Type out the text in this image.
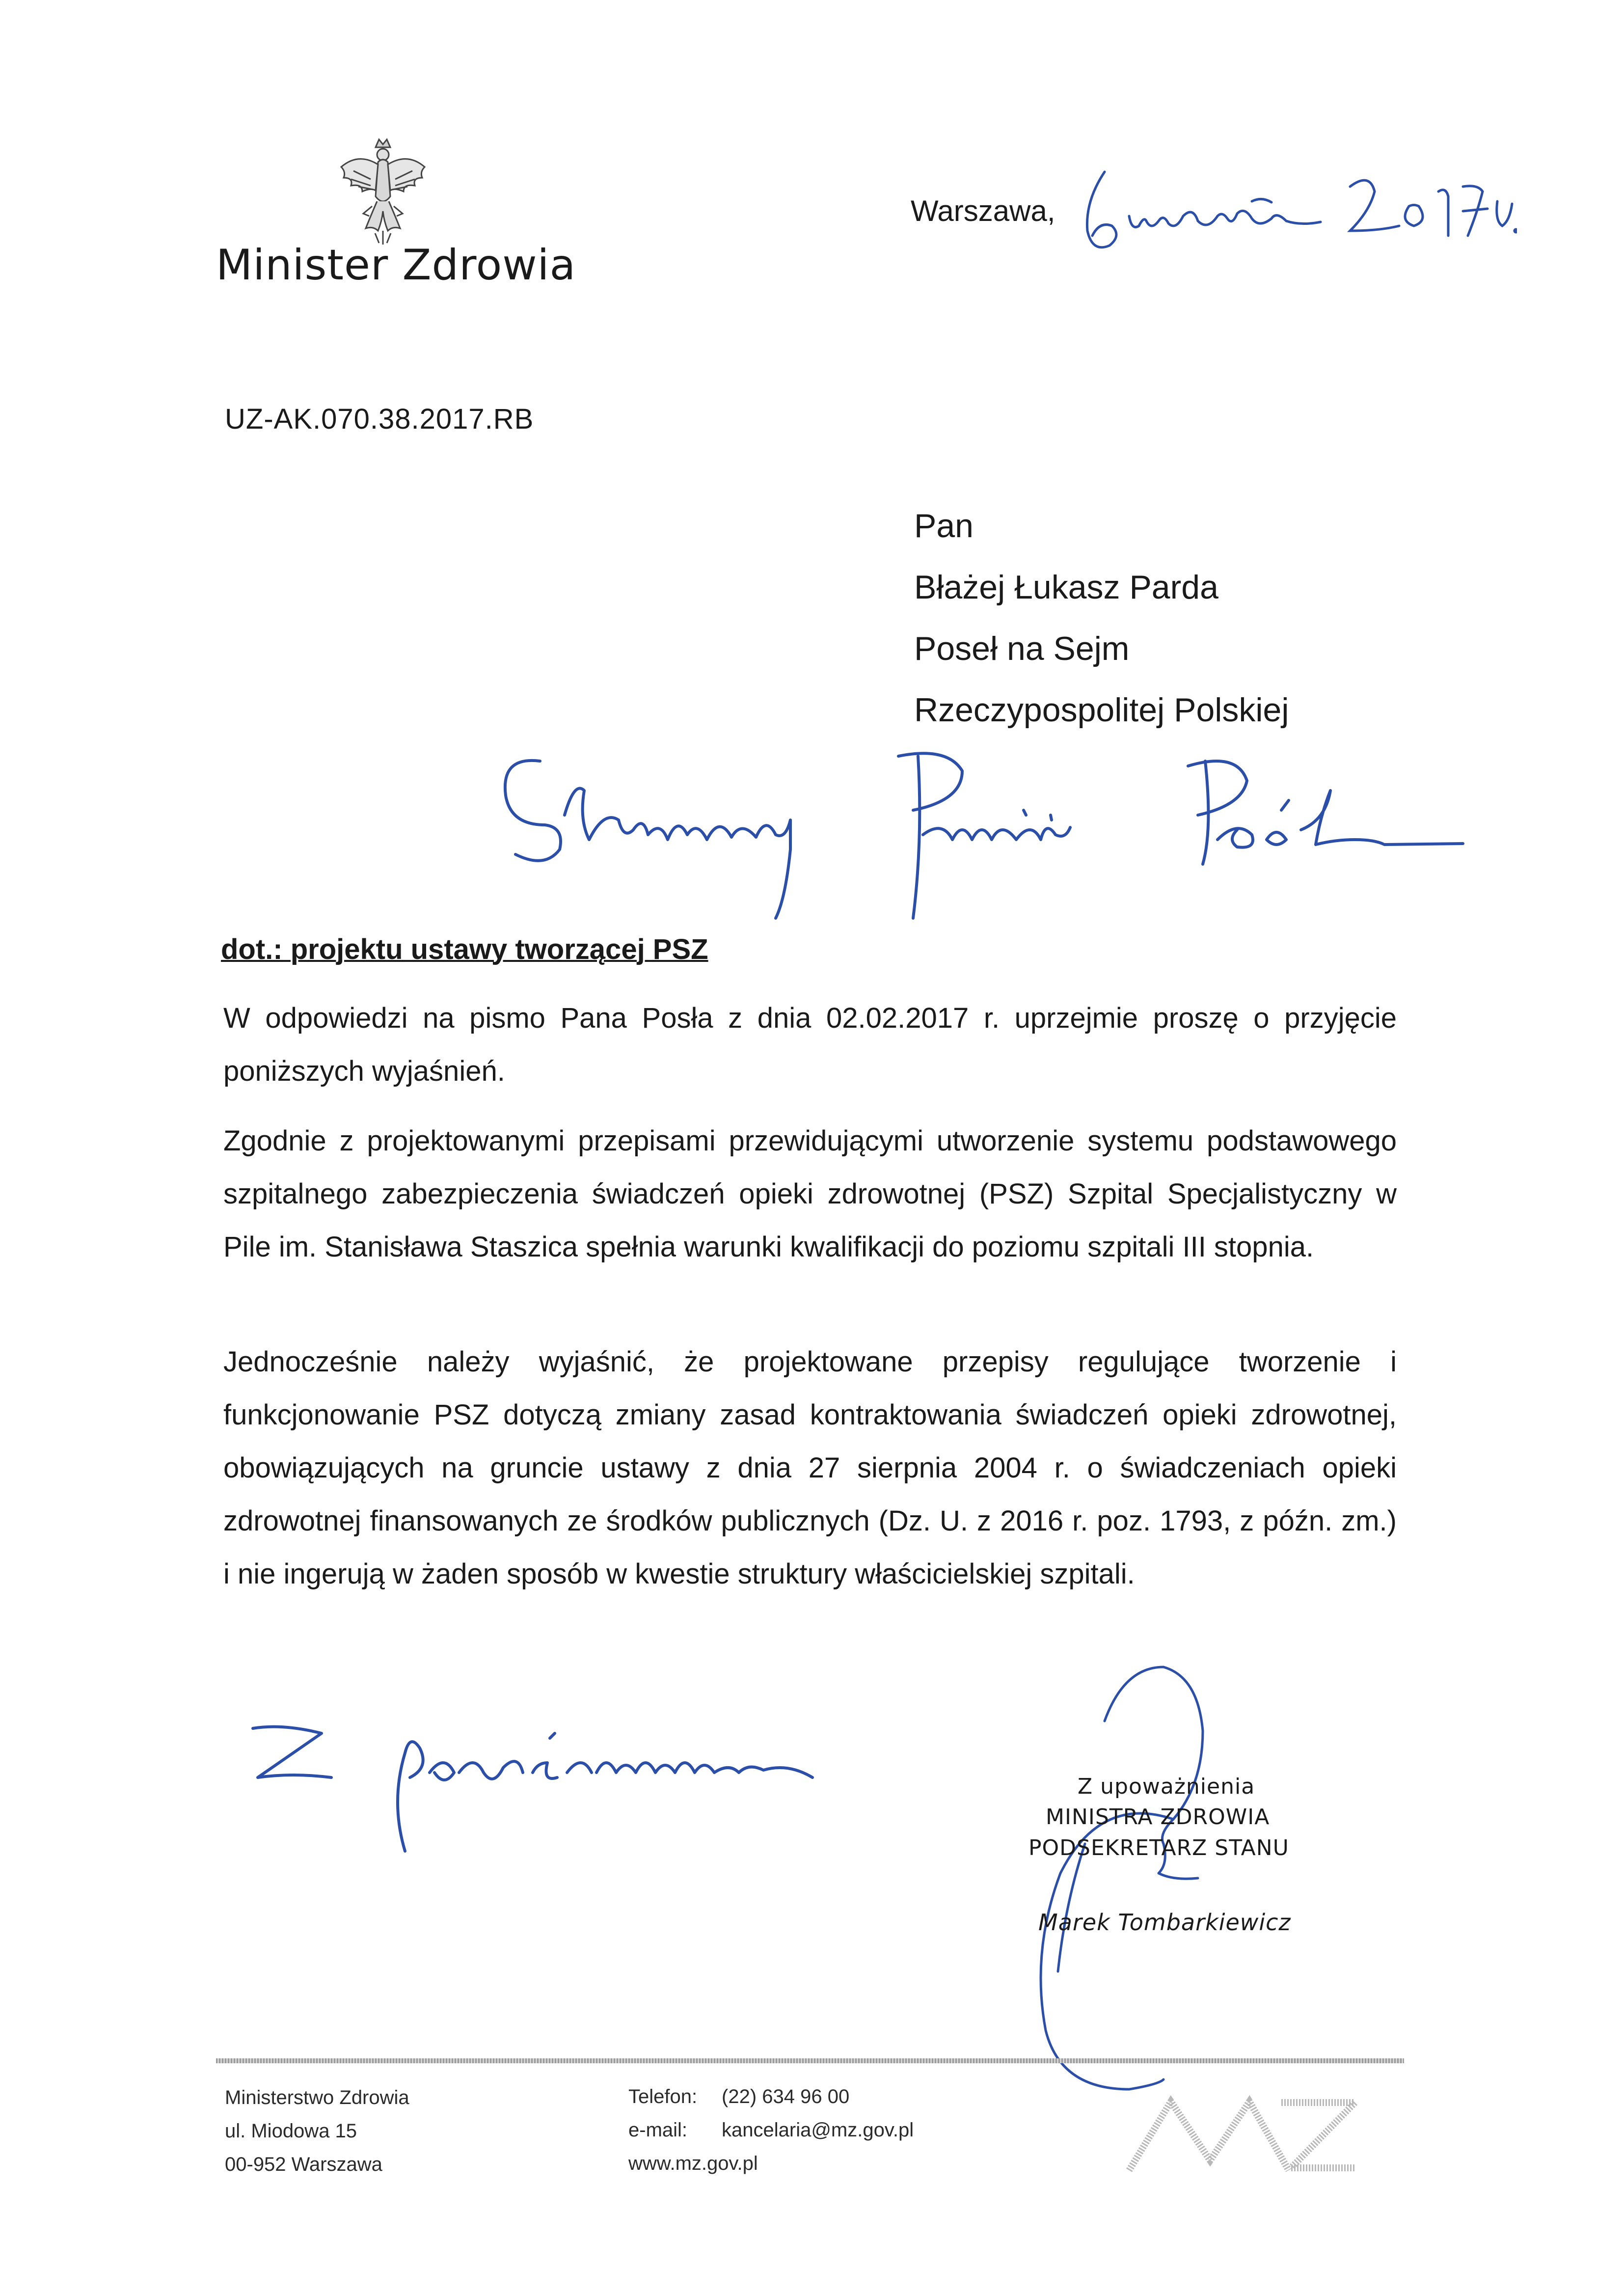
Minister Zdrowia
Warszawa,
UZ-AK.070.38.2017.RB
Pan
Błażej Łukasz Parda
Poseł na Sejm
Rzeczypospolitej Polskiej
dot.: projektu ustawy tworzącej PSZ

W odpowiedzi na pismo Pana Posła z dnia 02.02.2017 r. uprzejmie proszę o przyjęcie poniższych wyjaśnień.

Zgodnie z projektowanymi przepisami przewidującymi utworzenie systemu podstawowego szpitalnego zabezpieczenia świadczeń opieki zdrowotnej (PSZ) Szpital Specjalistyczny w Pile im. Stanisława Staszica spełnia warunki kwalifikacji do poziomu szpitali III stopnia.

Jednocześnie należy wyjaśnić, że projektowane przepisy regulujące tworzenie i funkcjonowanie PSZ dotyczą zmiany zasad kontraktowania świadczeń opieki zdrowotnej, obowiązujących na gruncie ustawy z dnia 27 sierpnia 2004 r. o świadczeniach opieki zdrowotnej finansowanych ze środków publicznych (Dz. U. z 2016 r. poz. 1793, z późn. zm.) i nie ingerują w żaden sposób w kwestie struktury właścicielskiej szpitali.

Z upoważnienia
MINISTRA ZDROWIA
PODSEKRETARZ STANU
Marek Tombarkiewicz
Ministerstwo Zdrowia
ul. Miodowa 15
00-952 Warszawa
Telefon: (22) 634 96 00
e-mail: kancelaria@mz.gov.pl
www.mz.gov.pl
